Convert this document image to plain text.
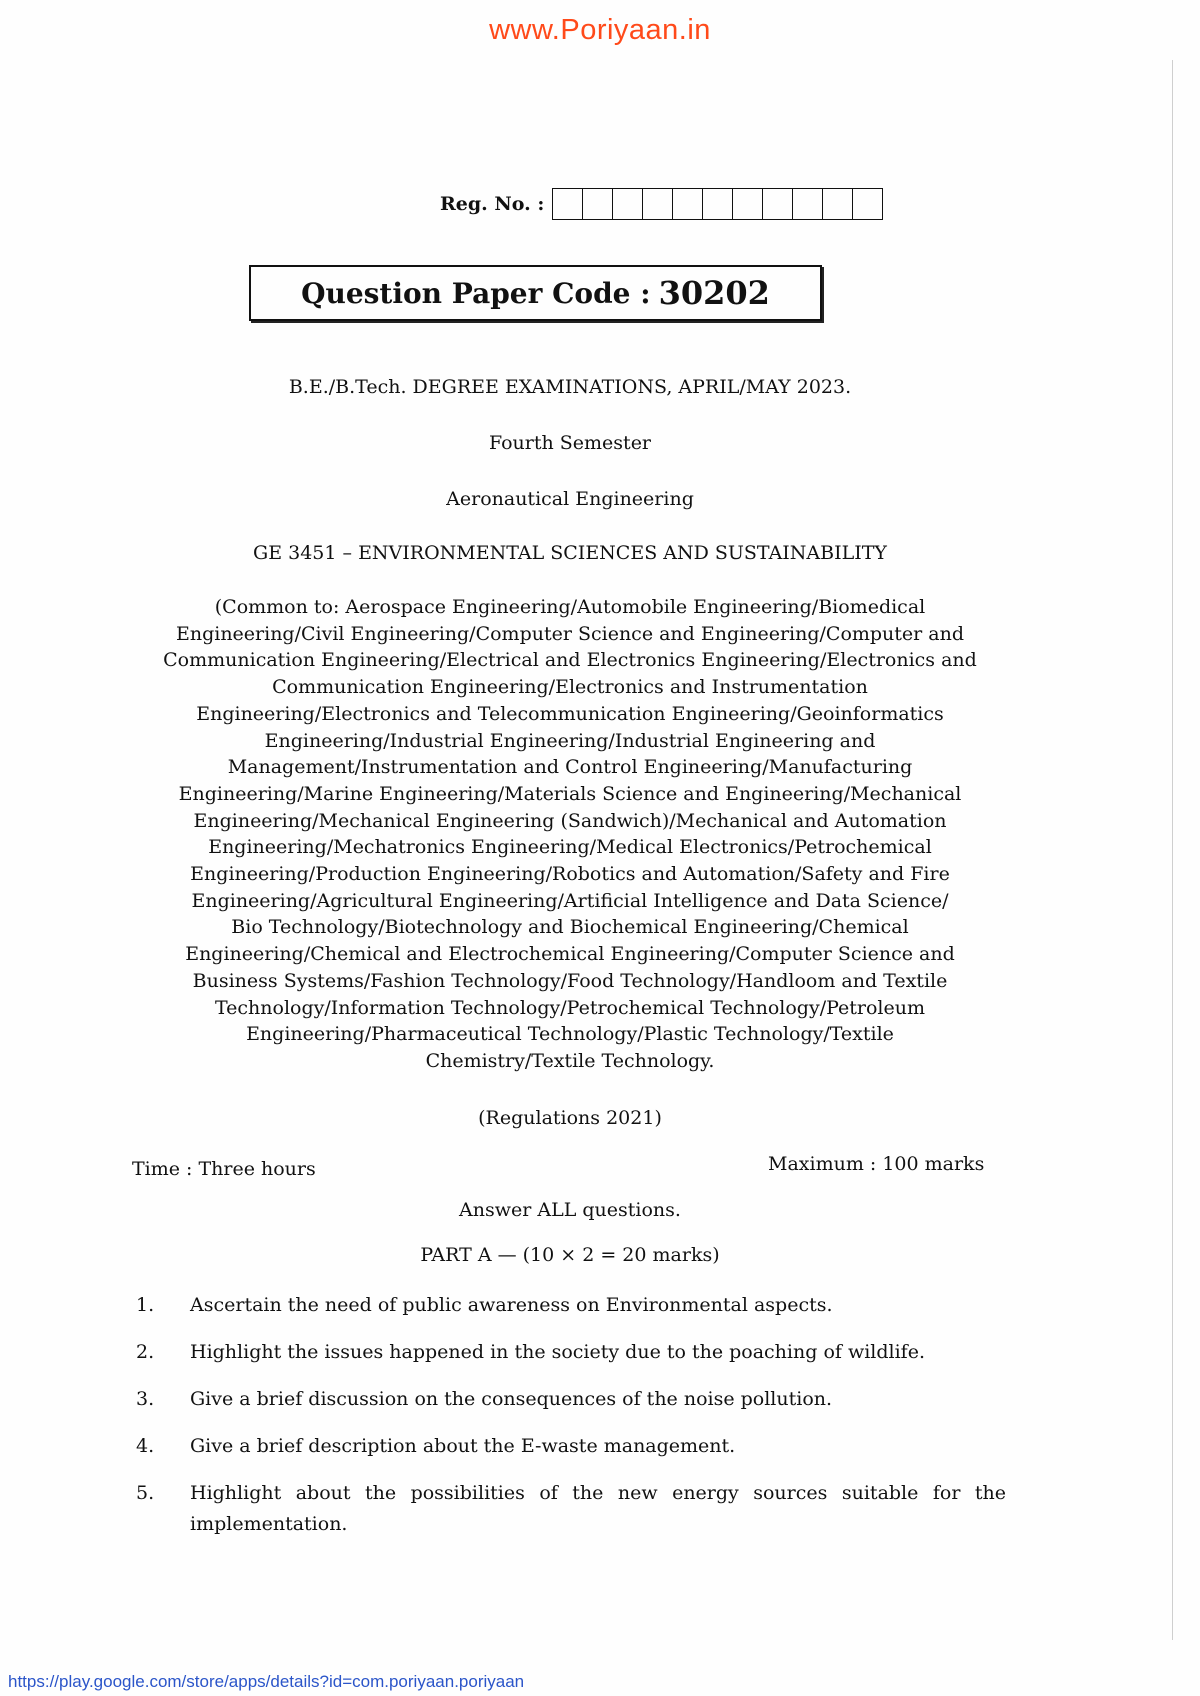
www.Poriyaan.in
Reg. No. :
Question Paper Code : 30202
B.E./B.Tech. DEGREE EXAMINATIONS, APRIL/MAY 2023.
Fourth Semester
Aeronautical Engineering
GE 3451 – ENVIRONMENTAL SCIENCES AND SUSTAINABILITY
(Common to: Aerospace Engineering/Automobile Engineering/Biomedical
Engineering/Civil Engineering/Computer Science and Engineering/Computer and
Communication Engineering/Electrical and Electronics Engineering/Electronics and
Communication Engineering/Electronics and Instrumentation
Engineering/Electronics and Telecommunication Engineering/Geoinformatics
Engineering/Industrial Engineering/Industrial Engineering and
Management/Instrumentation and Control Engineering/Manufacturing
Engineering/Marine Engineering/Materials Science and Engineering/Mechanical
Engineering/Mechanical Engineering (Sandwich)/Mechanical and Automation
Engineering/Mechatronics Engineering/Medical Electronics/Petrochemical
Engineering/Production Engineering/Robotics and Automation/Safety and Fire
Engineering/Agricultural Engineering/Artificial Intelligence and Data Science/
Bio Technology/Biotechnology and Biochemical Engineering/Chemical
Engineering/Chemical and Electrochemical Engineering/Computer Science and
Business Systems/Fashion Technology/Food Technology/Handloom and Textile
Technology/Information Technology/Petrochemical Technology/Petroleum
Engineering/Pharmaceutical Technology/Plastic Technology/Textile
Chemistry/Textile Technology.
(Regulations 2021)
Time : Three hours	Maximum : 100 marks
Answer ALL questions.
PART A — (10 × 2 = 20 marks)
1.	Ascertain the need of public awareness on Environmental aspects.
2.	Highlight the issues happened in the society due to the poaching of wildlife.
3.	Give a brief discussion on the consequences of the noise pollution.
4.	Give a brief description about the E-waste management.
5.	Highlight about the possibilities of the new energy sources suitable for the implementation.
https://play.google.com/store/apps/details?id=com.poriyaan.poriyaan
